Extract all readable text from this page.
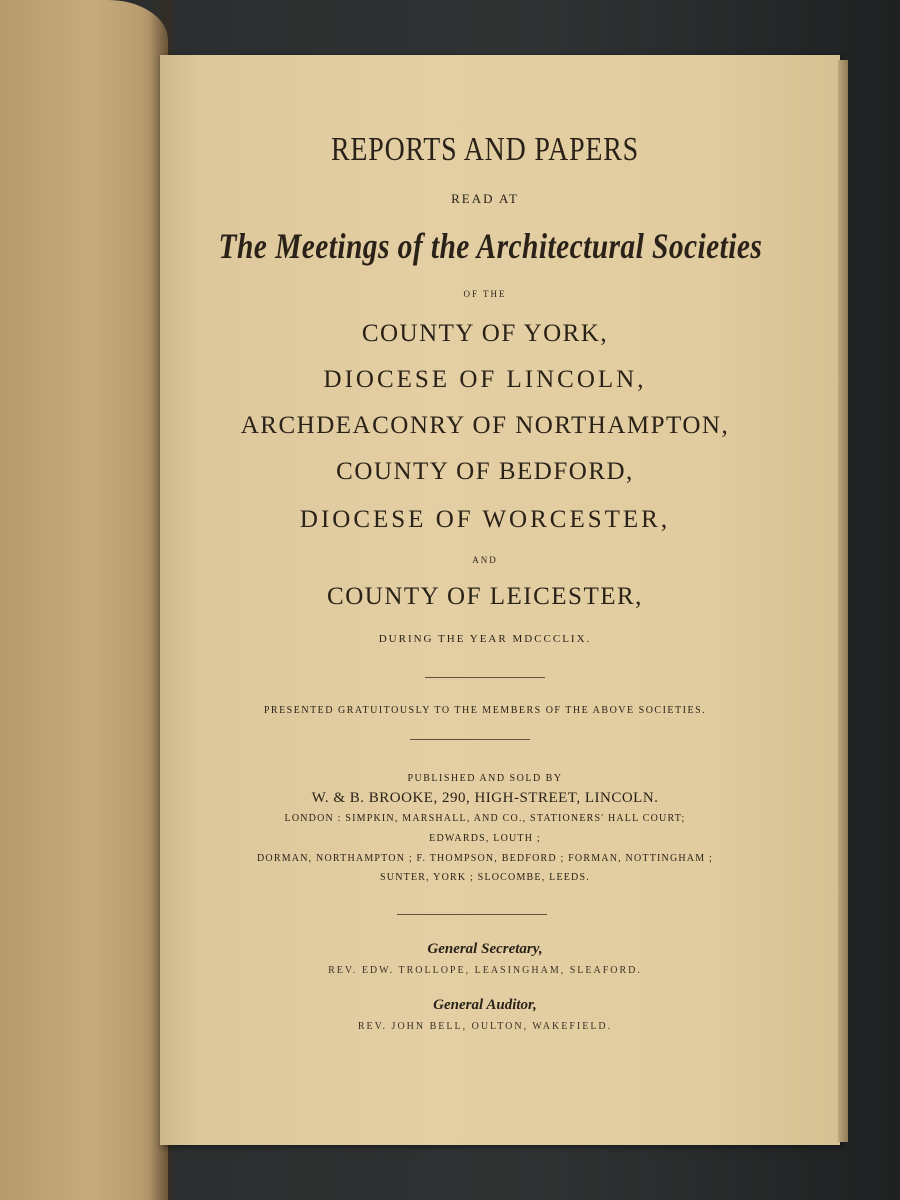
REPORTS AND PAPERS
READ AT
The Meetings of the Architectural Societies
OF THE
COUNTY OF YORK,
DIOCESE OF LINCOLN,
ARCHDEACONRY OF NORTHAMPTON,
COUNTY OF BEDFORD,
DIOCESE OF WORCESTER,
AND
COUNTY OF LEICESTER,
DURING THE YEAR MDCCCLIX.
PRESENTED GRATUITOUSLY TO THE MEMBERS OF THE ABOVE SOCIETIES.
PUBLISHED AND SOLD BY
W. & B. BROOKE, 290, HIGH-STREET, LINCOLN.
LONDON : SIMPKIN, MARSHALL, AND CO., STATIONERS' HALL COURT;
EDWARDS, LOUTH ;
DORMAN, NORTHAMPTON ; F. THOMPSON, BEDFORD ; FORMAN, NOTTINGHAM ;
SUNTER, YORK ; SLOCOMBE, LEEDS.
General Secretary,
REV. EDW. TROLLOPE, LEASINGHAM, SLEAFORD.
General Auditor,
REV. JOHN BELL, OULTON, WAKEFIELD.
